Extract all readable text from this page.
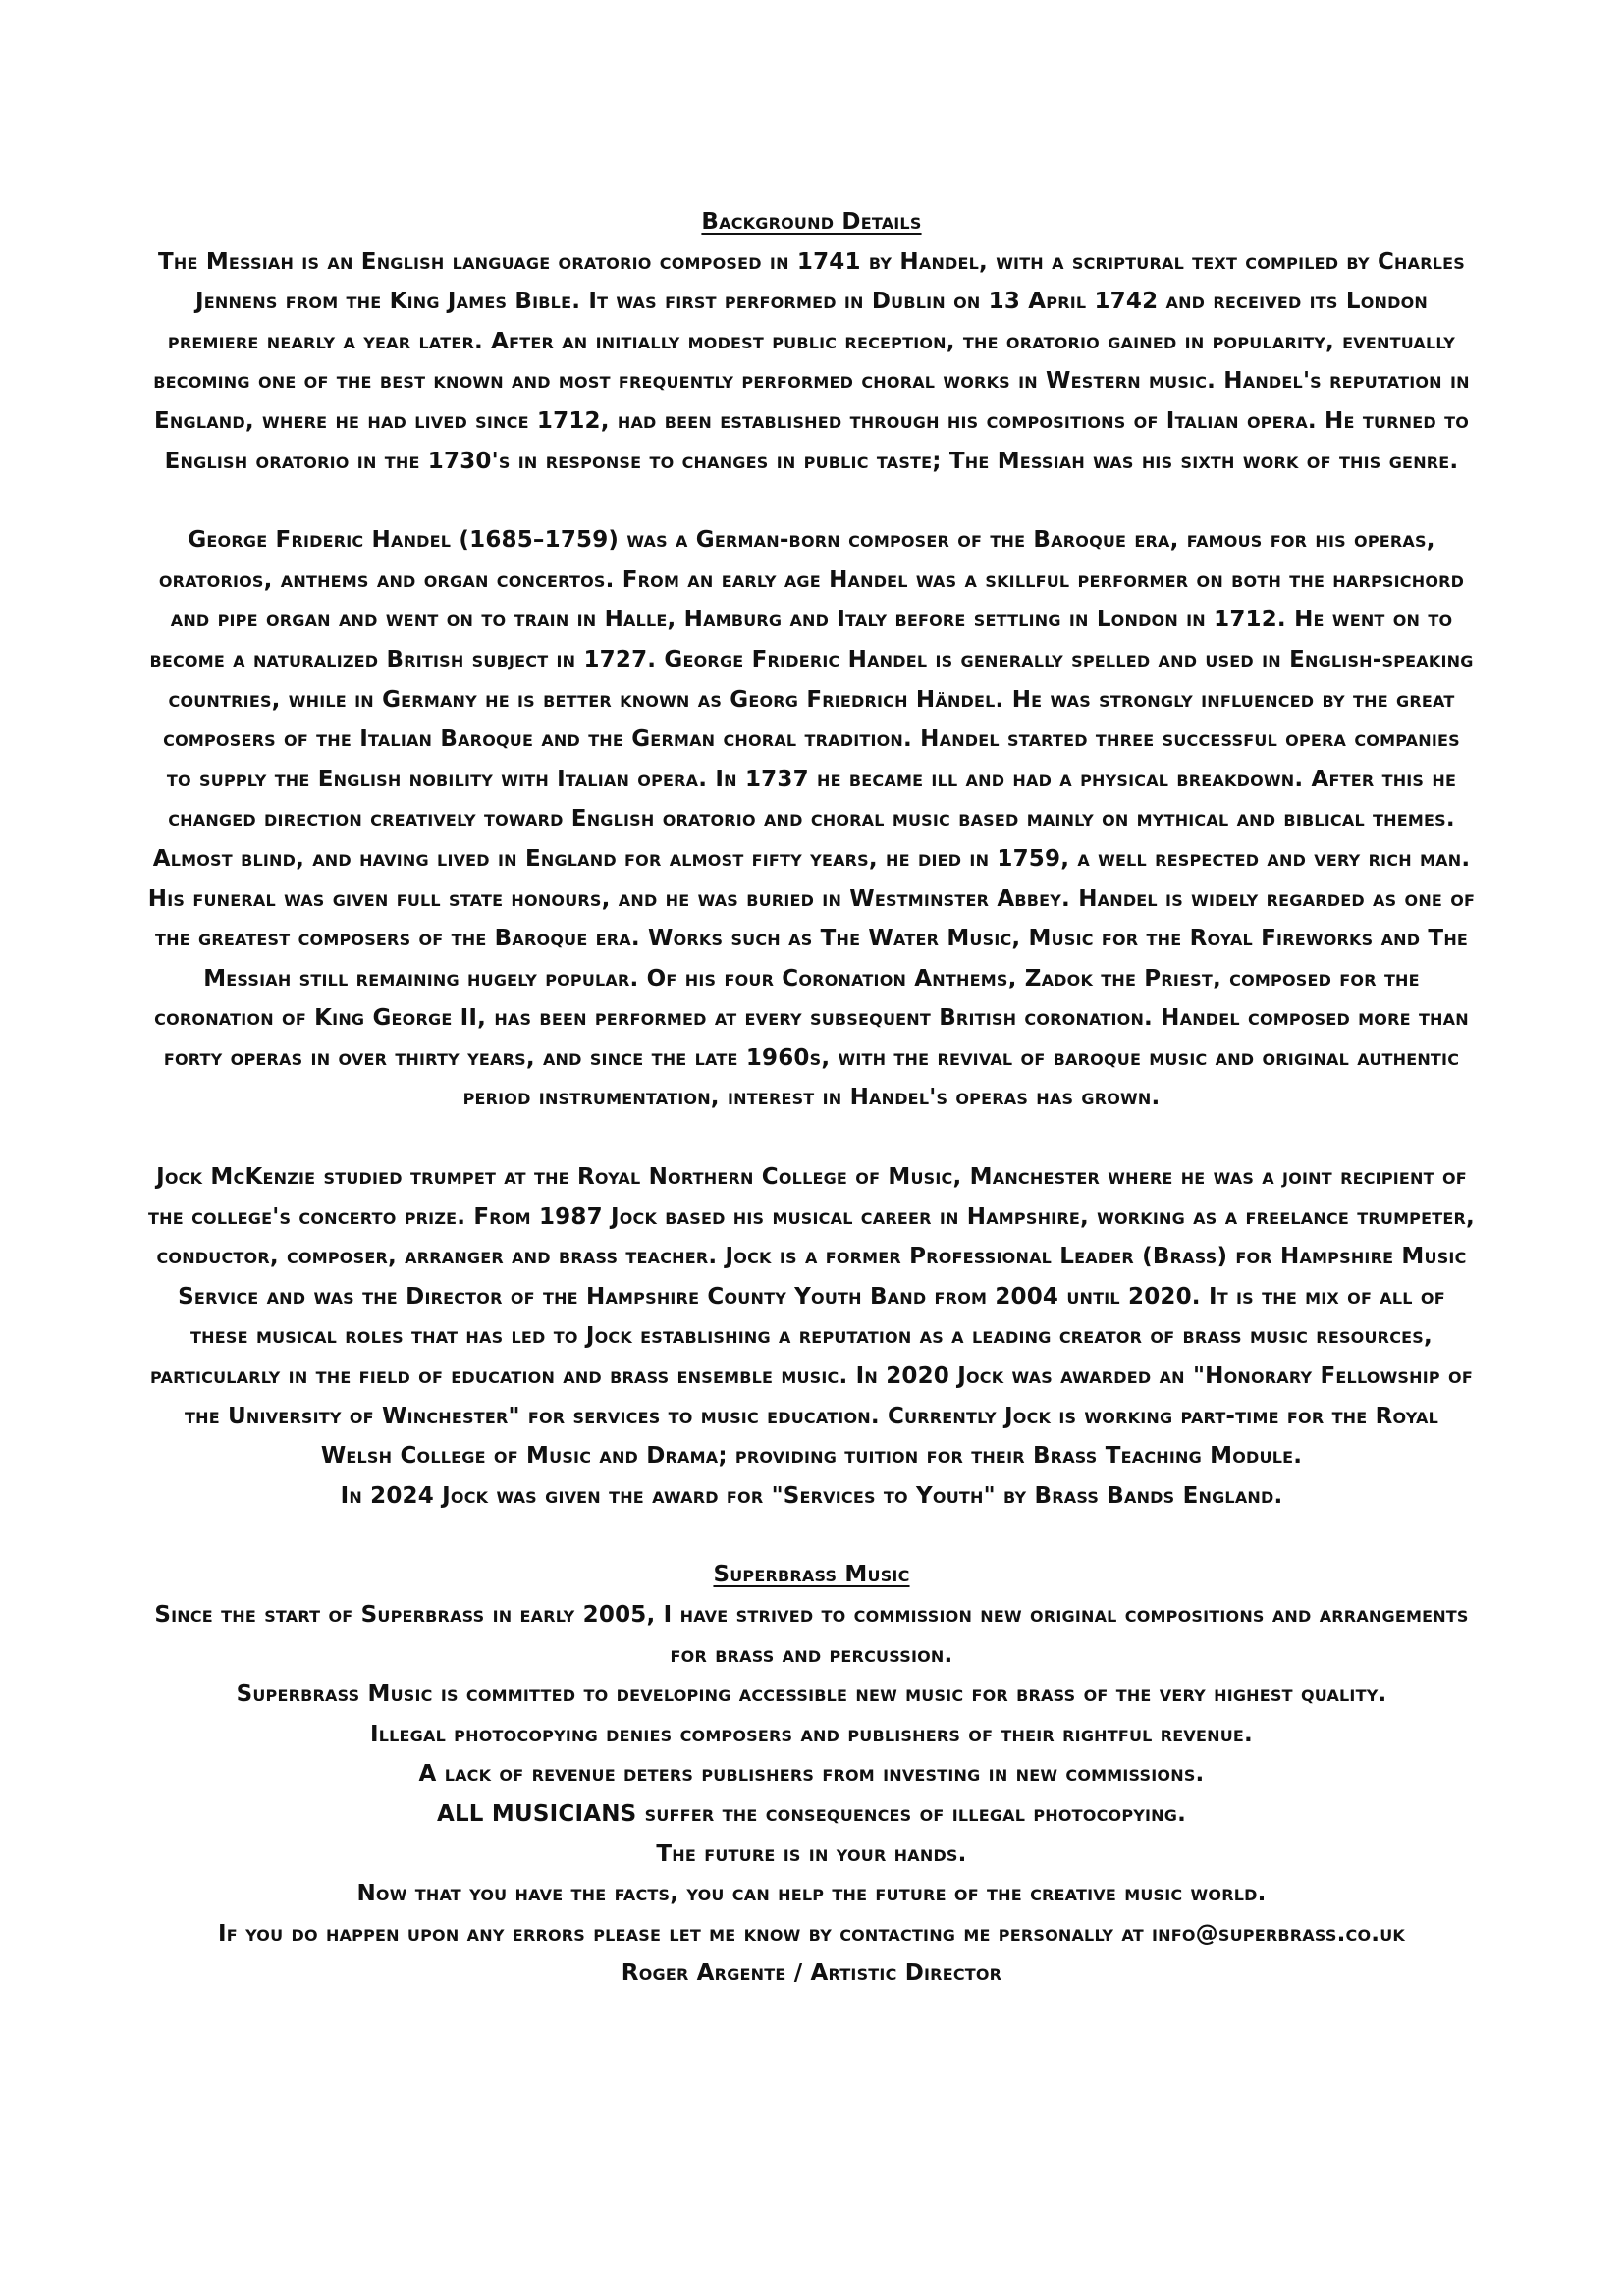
Background Details

The Messiah is an English language oratorio composed in 1741 by Handel, with a scriptural text compiled by Charles Jennens from the King James Bible. It was first performed in Dublin on 13 April 1742 and received its London premiere nearly a year later. After an initially modest public reception, the oratorio gained in popularity, eventually becoming one of the best known and most frequently performed choral works in Western music. Handel's reputation in England, where he had lived since 1712, had been established through his compositions of Italian opera. He turned to English oratorio in the 1730's in response to changes in public taste; The Messiah was his sixth work of this genre.

George Frideric Handel (1685–1759) was a German-born composer of the Baroque era, famous for his operas, oratorios, anthems and organ concertos. From an early age Handel was a skillful performer on both the harpsichord and pipe organ and went on to train in Halle, Hamburg and Italy before settling in London in 1712. He went on to become a naturalized British subject in 1727. George Frideric Handel is generally spelled and used in English-speaking countries, while in Germany he is better known as Georg Friedrich Händel. He was strongly influenced by the great composers of the Italian Baroque and the German choral tradition. Handel started three successful opera companies to supply the English nobility with Italian opera. In 1737 he became ill and had a physical breakdown. After this he changed direction creatively toward English oratorio and choral music based mainly on mythical and biblical themes. Almost blind, and having lived in England for almost fifty years, he died in 1759, a well respected and very rich man. His funeral was given full state honours, and he was buried in Westminster Abbey. Handel is widely regarded as one of the greatest composers of the Baroque era. Works such as The Water Music, Music for the Royal Fireworks and The Messiah still remaining hugely popular. Of his four Coronation Anthems, Zadok the Priest, composed for the coronation of King George II, has been performed at every subsequent British coronation. Handel composed more than forty operas in over thirty years, and since the late 1960s, with the revival of baroque music and original authentic period instrumentation, interest in Handel's operas has grown.

Jock McKenzie studied trumpet at the Royal Northern College of Music, Manchester where he was a joint recipient of the college's concerto prize. From 1987 Jock based his musical career in Hampshire, working as a freelance trumpeter, conductor, composer, arranger and brass teacher. Jock is a former Professional Leader (Brass) for Hampshire Music Service and was the Director of the Hampshire County Youth Band from 2004 until 2020. It is the mix of all of these musical roles that has led to Jock establishing a reputation as a leading creator of brass music resources, particularly in the field of education and brass ensemble music. In 2020 Jock was awarded an "Honorary Fellowship of the University of Winchester" for services to music education. Currently Jock is working part-time for the Royal Welsh College of Music and Drama; providing tuition for their Brass Teaching Module.

In 2024 Jock was given the award for "Services to Youth" by Brass Bands England.

Superbrass Music

Since the start of Superbrass in early 2005, I have strived to commission new original compositions and arrangements for brass and percussion.

Superbrass Music is committed to developing accessible new music for brass of the very highest quality.

Illegal photocopying denies composers and publishers of their rightful revenue.

A lack of revenue deters publishers from investing in new commissions.

ALL MUSICIANS suffer the consequences of illegal photocopying.

The future is in your hands.

Now that you have the facts, you can help the future of the creative music world.

If you do happen upon any errors please let me know by contacting me personally at info@superbrass.co.uk

Roger Argente / Artistic Director
